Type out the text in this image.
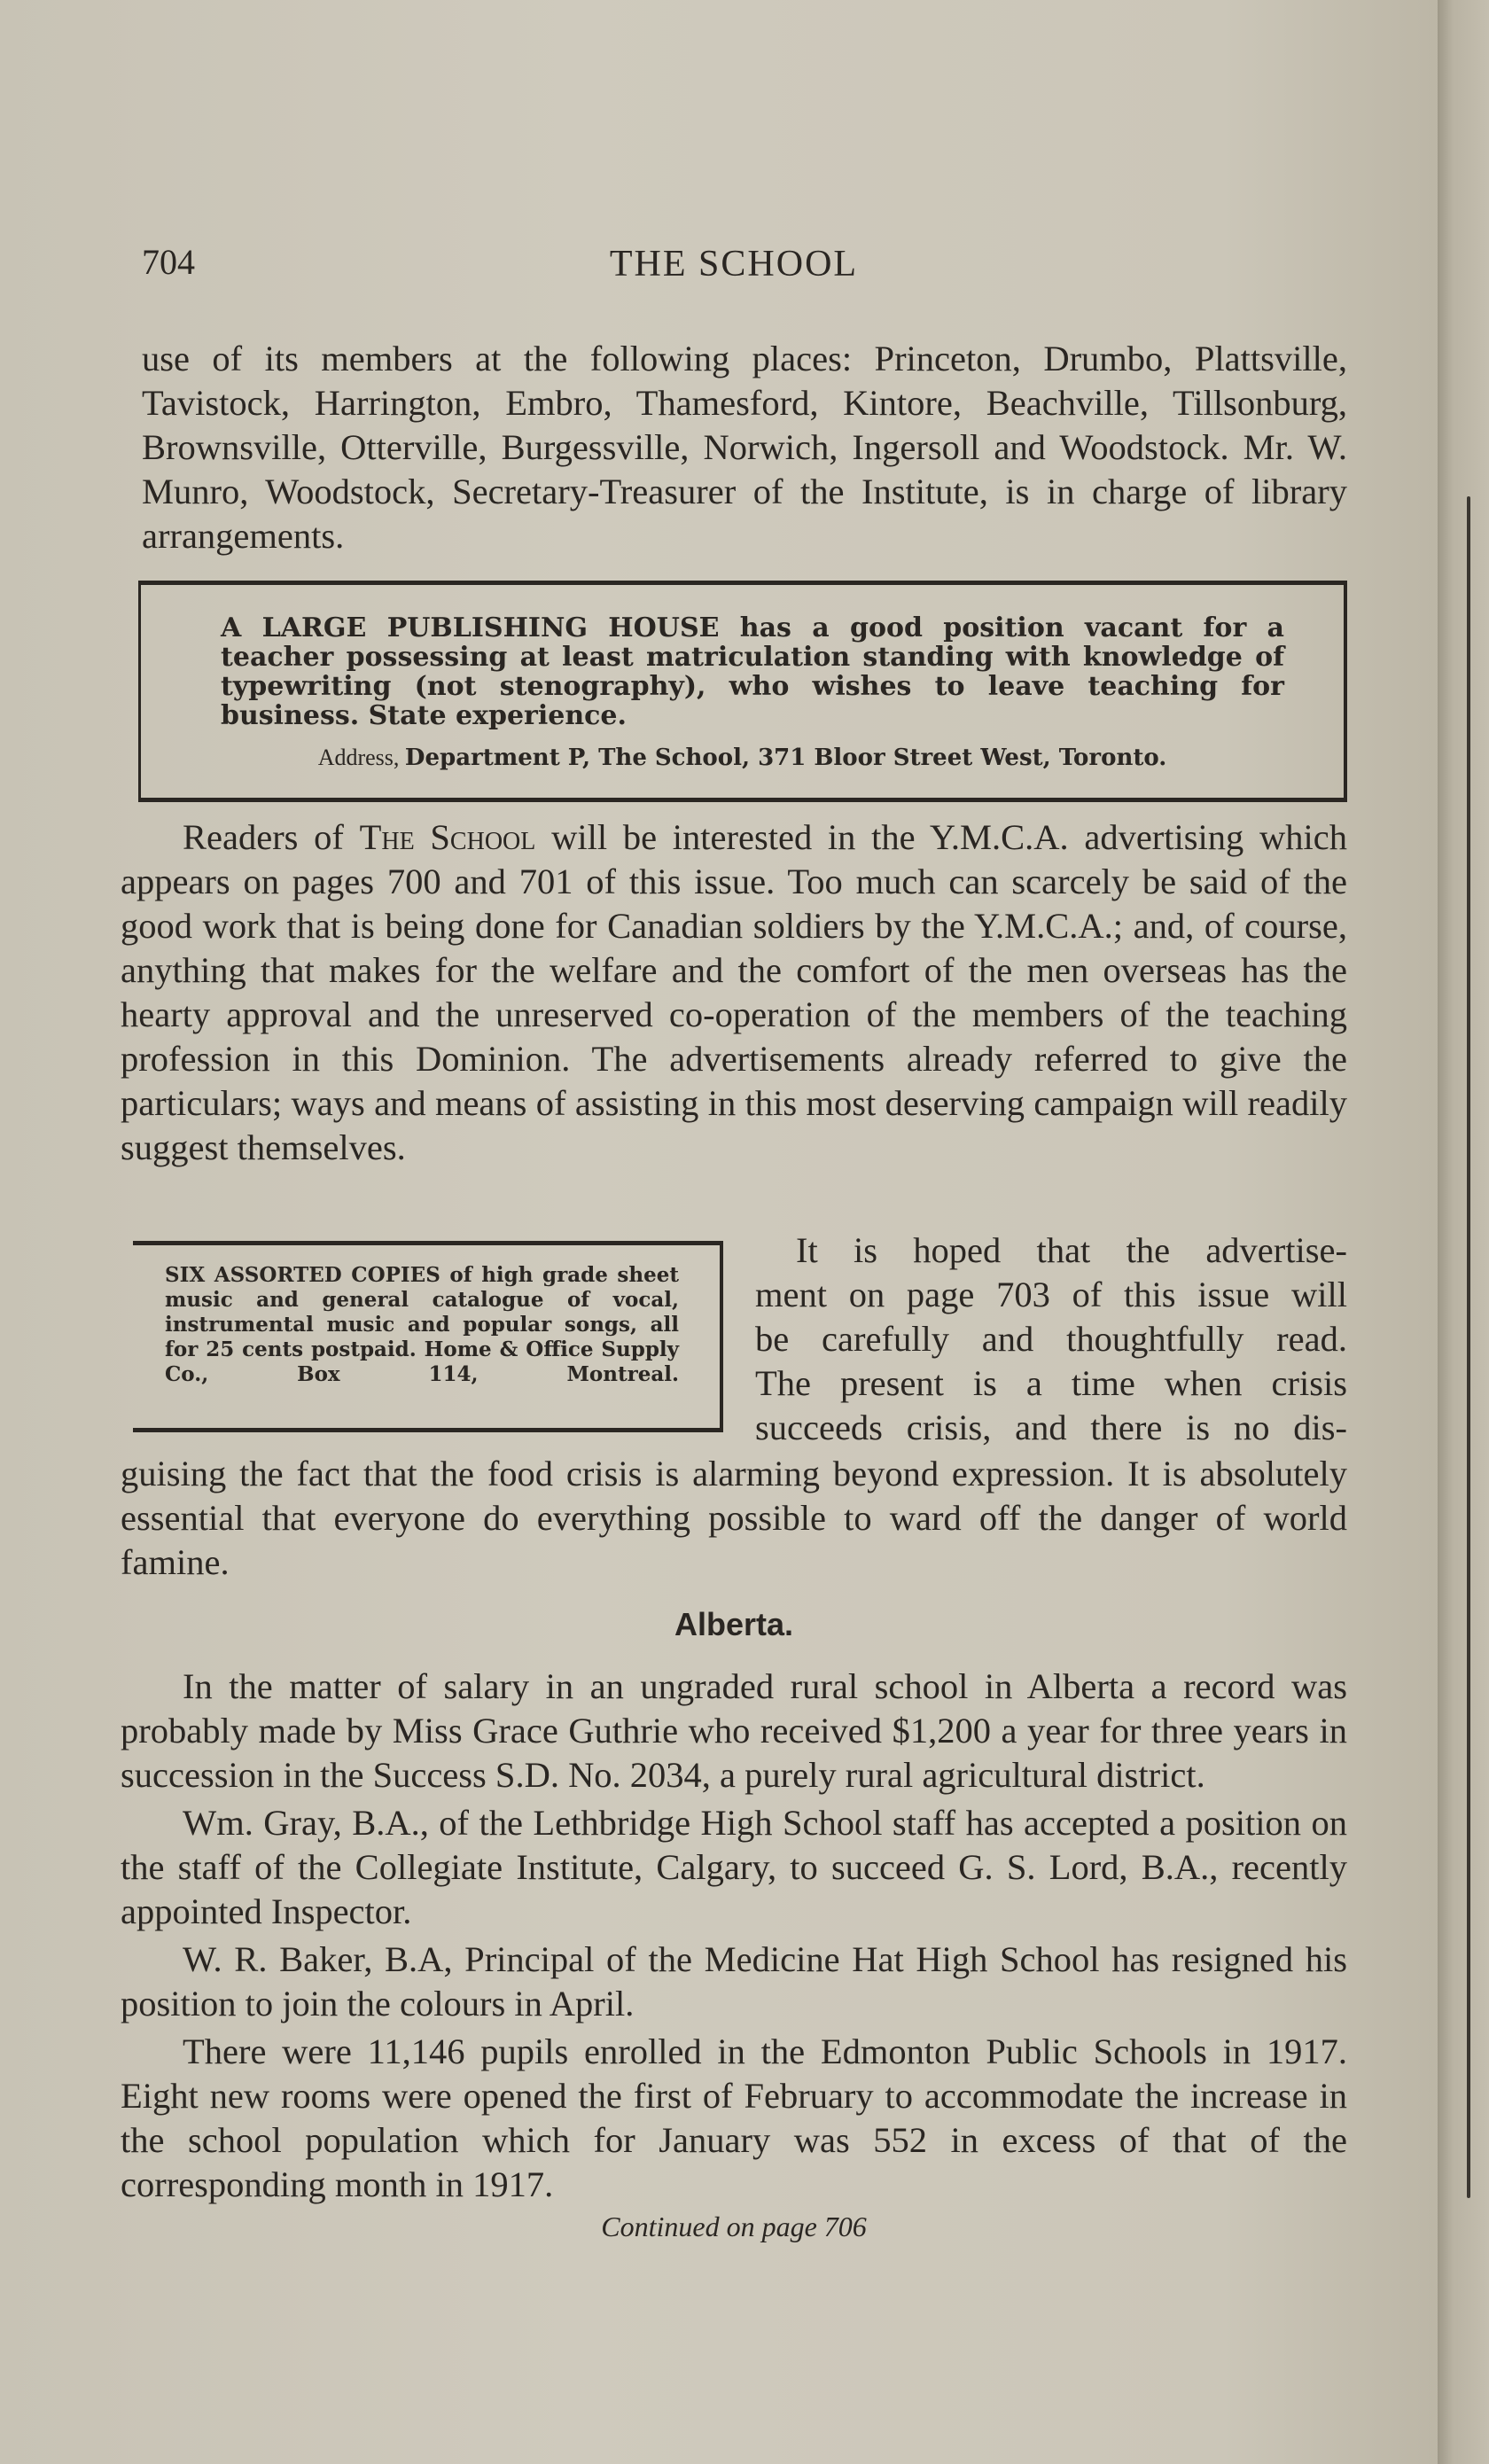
704	THE SCHOOL

use of its members at the following places: Princeton, Drumbo, Plattsville, Tavistock, Harrington, Embro, Thamesford, Kintore, Beachville, Tillsonburg, Brownsville, Otterville, Burgessville, Norwich, Ingersoll and Woodstock. Mr. W. Munro, Woodstock, Secretary-Treasurer of the Institute, is in charge of library arrangements.

A LARGE PUBLISHING HOUSE has a good position vacant for a teacher possessing at least matriculation standing with knowledge of typewriting (not stenography), who wishes to leave teaching for business. State experience.
Address, Department P, The School, 371 Bloor Street West, Toronto.

Readers of The School will be interested in the Y.M.C.A. advertising which appears on pages 700 and 701 of this issue. Too much can scarcely be said of the good work that is being done for Canadian soldiers by the Y.M.C.A.; and, of course, anything that makes for the welfare and the comfort of the men overseas has the hearty approval and the unreserved co-operation of the members of the teaching profession in this Dominion. The advertisements already referred to give the particulars; ways and means of assisting in this most deserving campaign will readily suggest themselves.

SIX ASSORTED COPIES of high grade sheet music and general catalogue of vocal, instrumental music and popular songs, all for 25 cents postpaid. Home & Office Supply Co., Box 114, Montreal.
It is hoped that the advertise-
ment on page 703 of this issue will
be carefully and thoughtfully read.
The present is a time when crisis
succeeds crisis, and there is no dis-

guising the fact that the food crisis is alarming beyond expression. It is absolutely essential that everyone do everything possible to ward off the danger of world famine.

Alberta.

In the matter of salary in an ungraded rural school in Alberta a record was probably made by Miss Grace Guthrie who received $1,200 a year for three years in succession in the Success S.D. No. 2034, a purely rural agricultural district.

Wm. Gray, B.A., of the Lethbridge High School staff has accepted a position on the staff of the Collegiate Institute, Calgary, to succeed G. S. Lord, B.A., recently appointed Inspector.

W. R. Baker, B.A, Principal of the Medicine Hat High School has resigned his position to join the colours in April.

There were 11,146 pupils enrolled in the Edmonton Public Schools in 1917. Eight new rooms were opened the first of February to accommodate the increase in the school population which for January was 552 in excess of that of the corresponding month in 1917.

Continued on page 706
